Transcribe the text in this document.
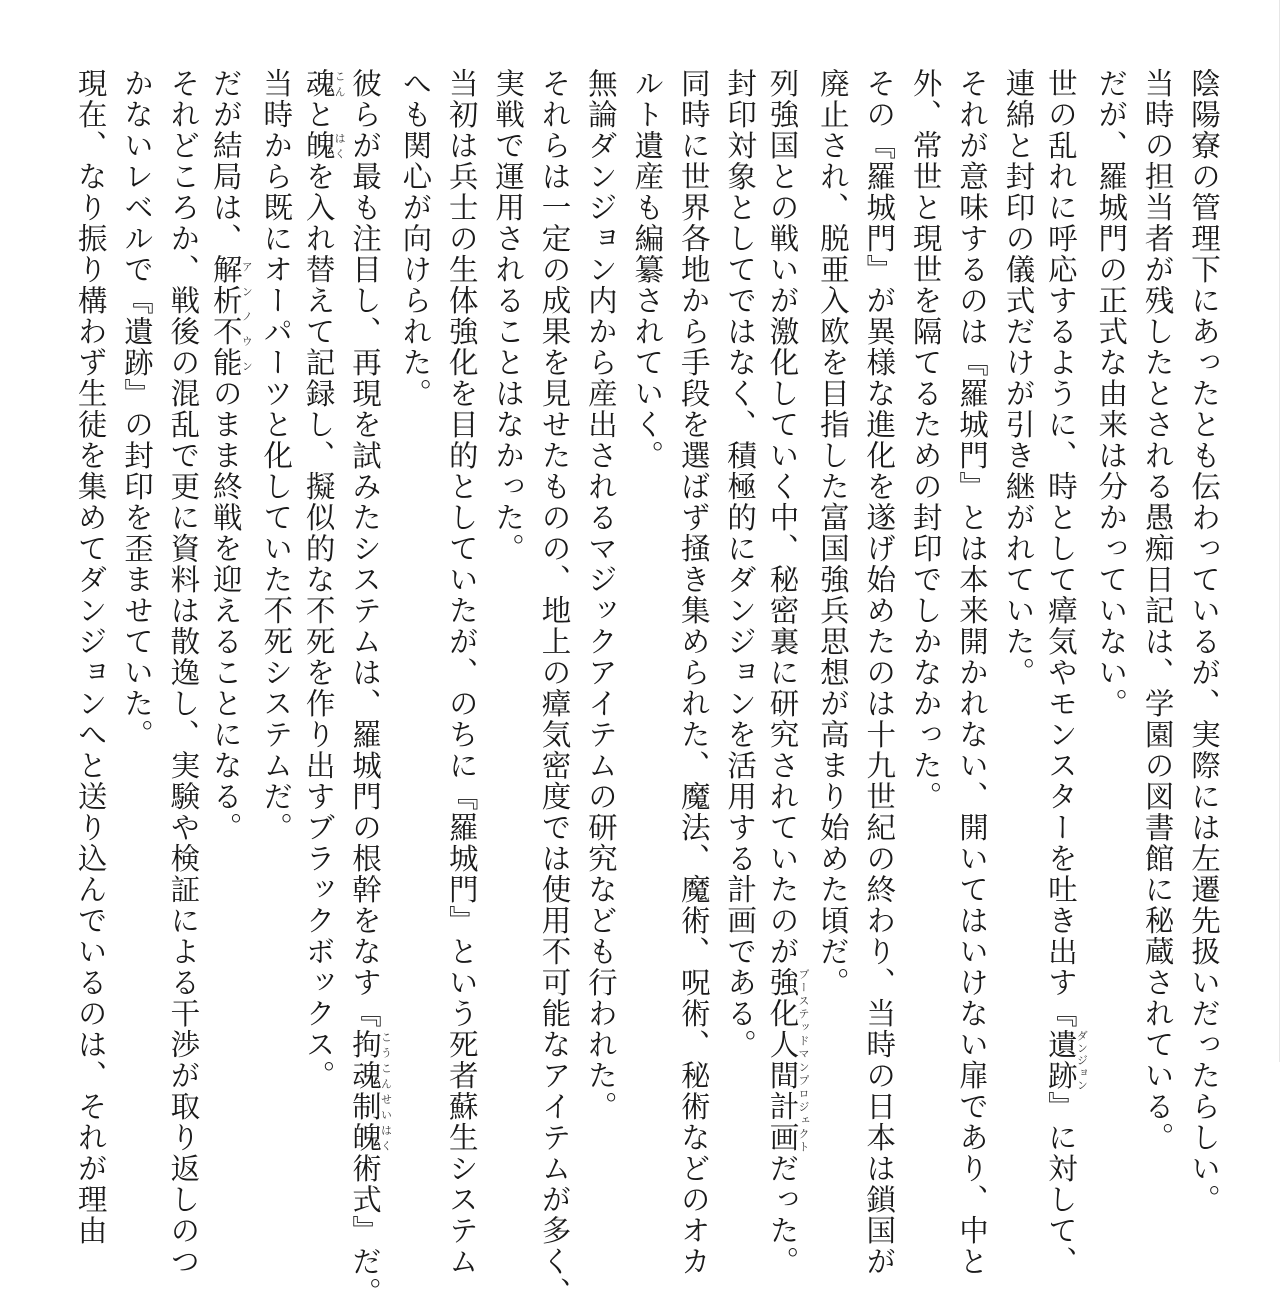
陰陽寮の管理下にあったとも伝わっているが、実際には左遷先扱いだったらしい。
当時の担当者が残したとされる愚痴日記は、学園の図書館に秘蔵されている。
だが、羅城門の正式な由来は分かっていない。
世の乱れに呼応するように、時として瘴気やモンスターを吐き出す『遺跡ダンジョン』に対して、
連綿と封印の儀式だけが引き継がれていた。
それが意味するのは『羅城門』とは本来開かれない、開いてはいけない扉であり、中と
外、常世と現世を隔てるための封印でしかなかった。
その『羅城門』が異様な進化を遂げ始めたのは十九世紀の終わり、当時の日本は鎖国が
廃止され、脱亜入欧を目指した富国強兵思想が高まり始めた頃だ。
列強国との戦いが激化していく中、秘密裏に研究されていたのが強化人間計画ブーステッドマンプロジェクトだった。
封印対象としてではなく、積極的にダンジョンを活用する計画である。
同時に世界各地から手段を選ばず掻き集められた、魔法、魔術、呪術、秘術などのオカ
ルト遺産も編纂されていく。
無論ダンジョン内から産出されるマジックアイテムの研究なども行われた。
それらは一定の成果を見せたものの、地上の瘴気密度では使用不可能なアイテムが多く、
実戦で運用されることはなかった。
当初は兵士の生体強化を目的としていたが、のちに『羅城門』という死者蘇生システム
へも関心が向けられた。
彼らが最も注目し、再現を試みたシステムは、羅城門の根幹をなす『拘魂制魄こうこんせいはく術式』だ。
魂こんと魄はくを入れ替えて記録し、擬似的な不死を作り出すブラックボックス。
当時から既にオーパーツと化していた不死システムだ。
だが結局は、解析不能アンノウンのまま終戦を迎えることになる。
それどころか、戦後の混乱で更に資料は散逸し、実験や検証による干渉が取り返しのつ
かないレベルで『遺跡』の封印を歪ませていた。
現在、なり振り構わず生徒を集めてダンジョンへと送り込んでいるのは、それが理由
